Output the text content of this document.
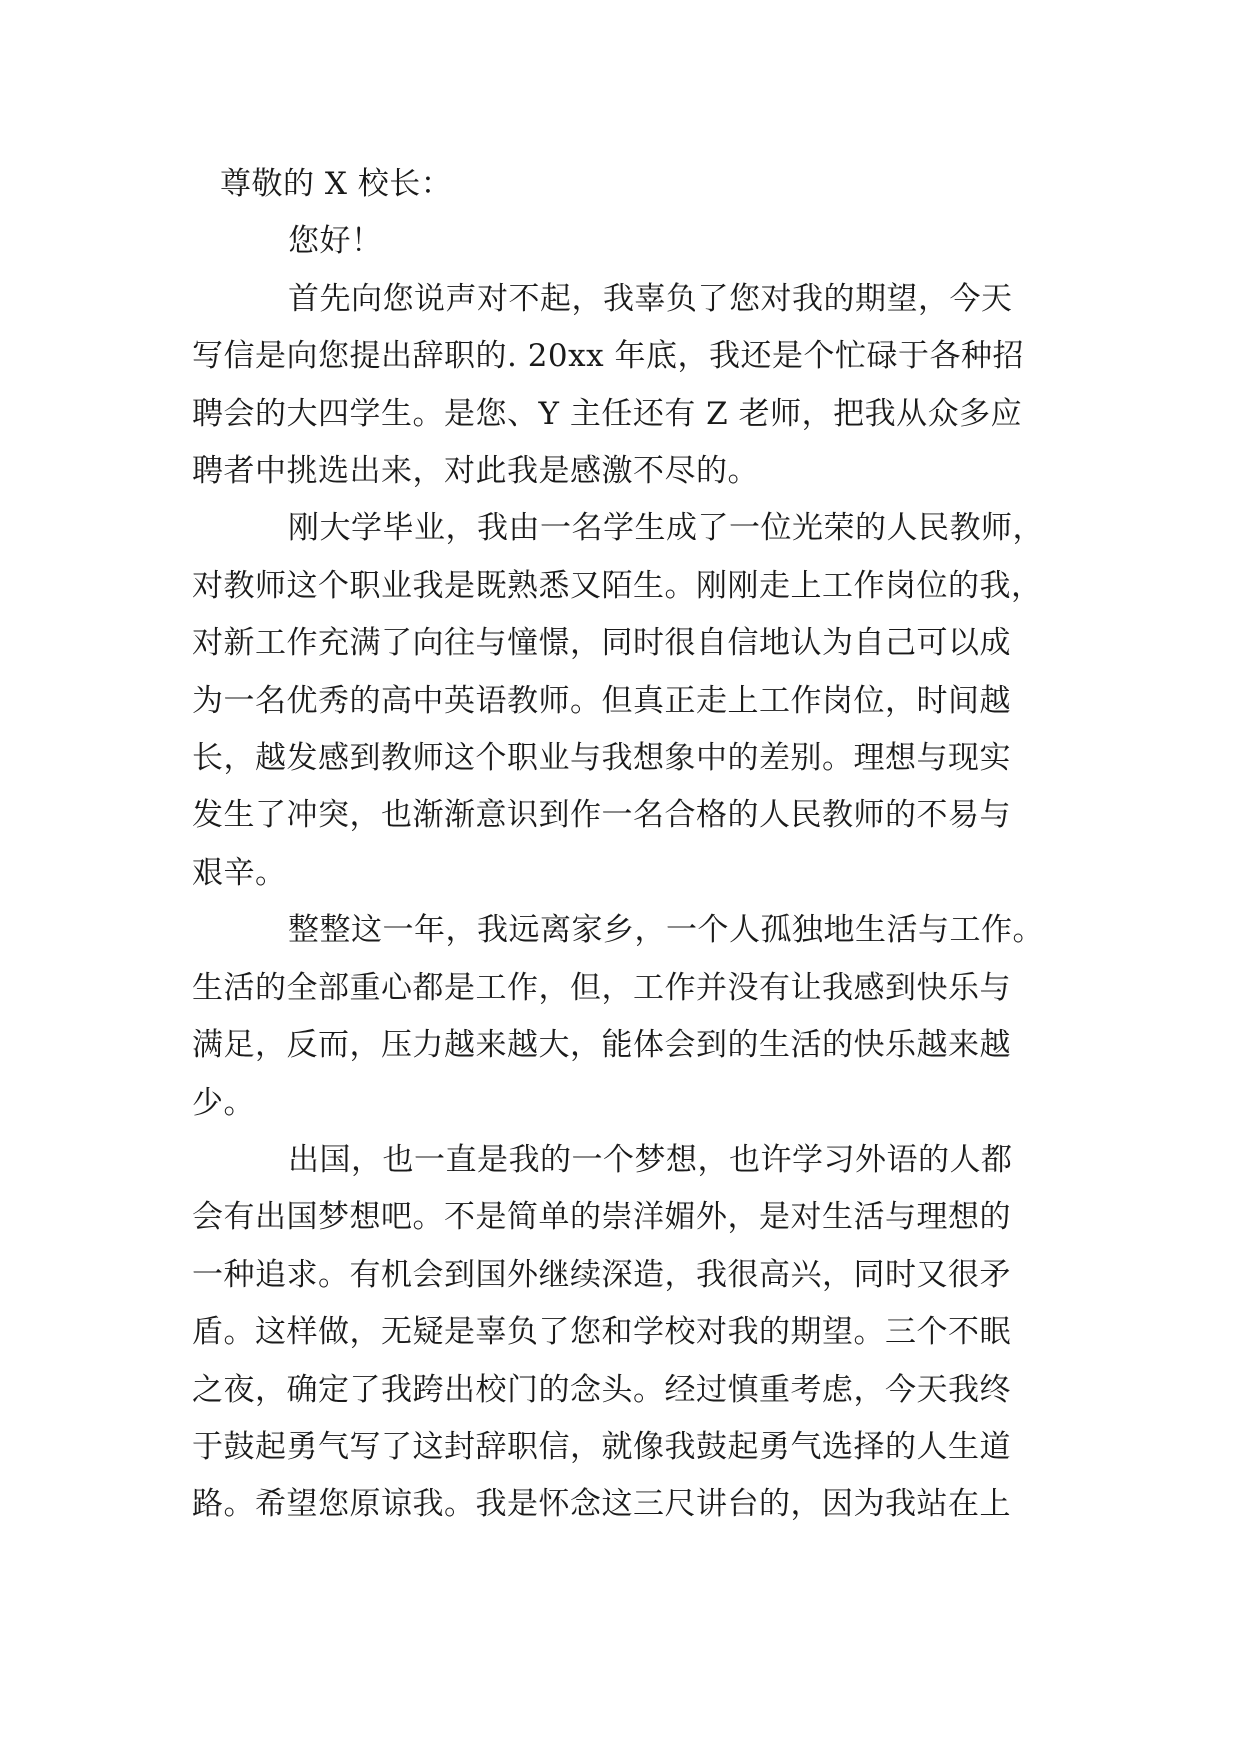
尊敬的 X 校长：

您好！

首先向您说声对不起，我辜负了您对我的期望，今天
写信是向您提出辞职的. 20xx 年底，我还是个忙碌于各种招
聘会的大四学生。是您、Y 主任还有 Z 老师，把我从众多应
聘者中挑选出来，对此我是感激不尽的。
刚大学毕业，我由一名学生成了一位光荣的人民教师，
对教师这个职业我是既熟悉又陌生。刚刚走上工作岗位的我，
对新工作充满了向往与憧憬，同时很自信地认为自己可以成
为一名优秀的高中英语教师。但真正走上工作岗位，时间越
长，越发感到教师这个职业与我想象中的差别。理想与现实
发生了冲突，也渐渐意识到作一名合格的人民教师的不易与
艰辛。
整整这一年，我远离家乡，一个人孤独地生活与工作。
生活的全部重心都是工作，但，工作并没有让我感到快乐与
满足，反而，压力越来越大，能体会到的生活的快乐越来越
少。
出国，也一直是我的一个梦想，也许学习外语的人都
会有出国梦想吧。不是简单的崇洋媚外，是对生活与理想的
一种追求。有机会到国外继续深造，我很高兴，同时又很矛
盾。这样做，无疑是辜负了您和学校对我的期望。三个不眠
之夜，确定了我跨出校门的念头。经过慎重考虑，今天我终
于鼓起勇气写了这封辞职信，就像我鼓起勇气选择的人生道
路。希望您原谅我。我是怀念这三尺讲台的，因为我站在上
